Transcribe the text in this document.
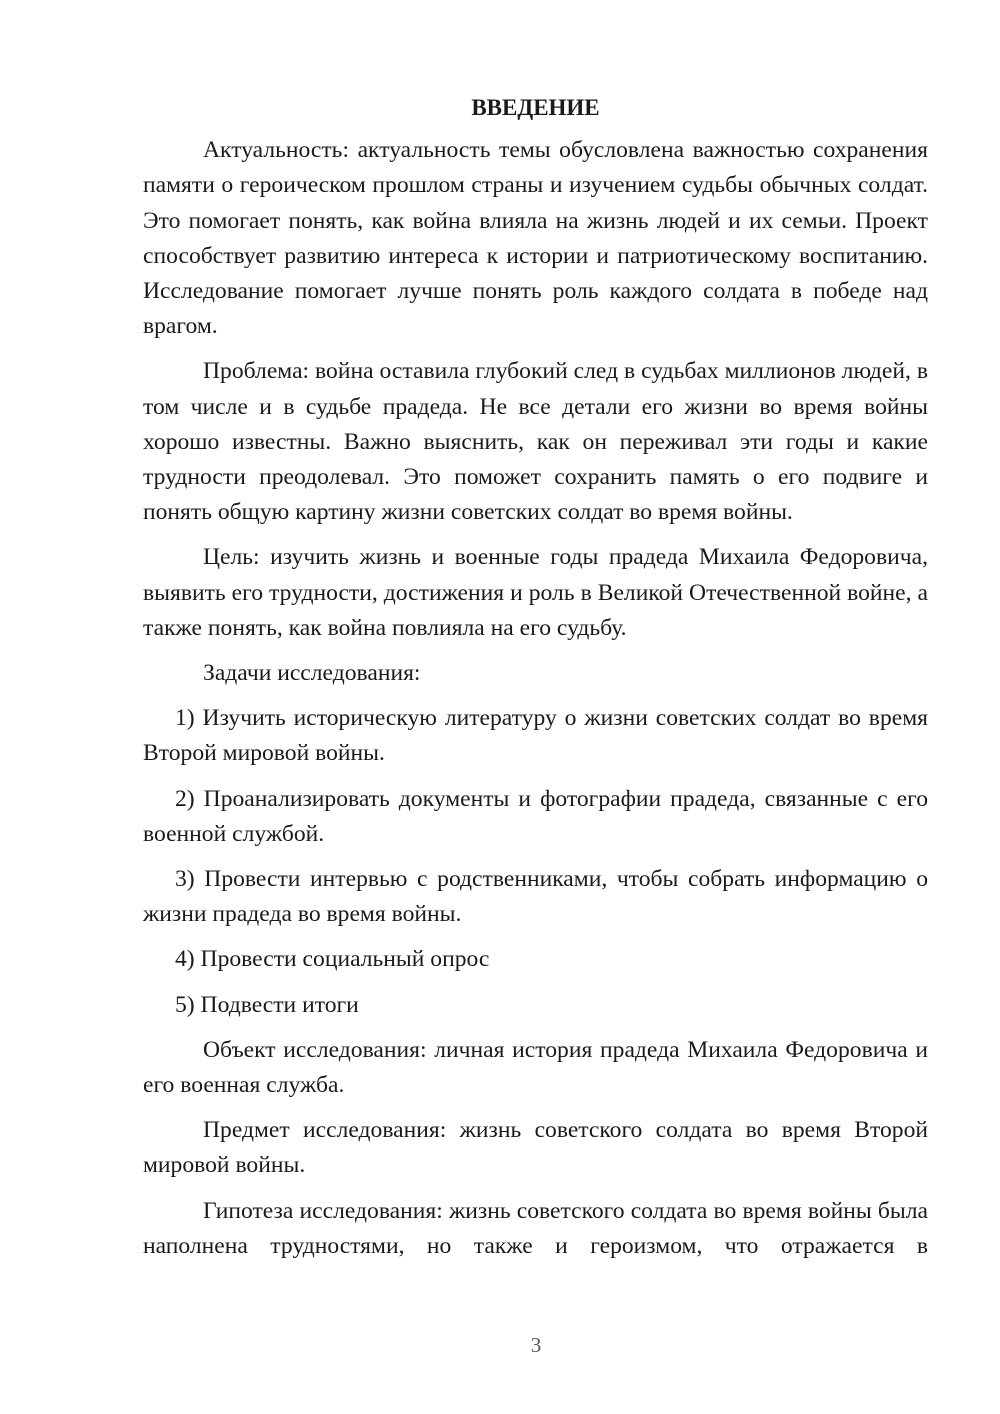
ВВЕДЕНИЕ
Актуальность: актуальность темы обусловлена важностью сохранения памяти о героическом прошлом страны и изучением судьбы обычных солдат. Это помогает понять, как война влияла на жизнь людей и их семьи. Проект способствует развитию интереса к истории и патриотическому воспитанию. Исследование помогает лучше понять роль каждого солдата в победе над врагом.
Проблема: война оставила глубокий след в судьбах миллионов людей, в том числе и в судьбе прадеда. Не все детали его жизни во время войны хорошо известны. Важно выяснить, как он переживал эти годы и какие трудности преодолевал. Это поможет сохранить память о его подвиге и понять общую картину жизни советских солдат во время войны.
Цель: изучить жизнь и военные годы прадеда Михаила Федоровича, выявить его трудности, достижения и роль в Великой Отечественной войне, а также понять, как война повлияла на его судьбу.
Задачи исследования:
1) Изучить историческую литературу о жизни советских солдат во время Второй мировой войны.
2) Проанализировать документы и фотографии прадеда, связанные с его военной службой.
3) Провести интервью с родственниками, чтобы собрать информацию о жизни прадеда во время войны.
4) Провести социальный опрос
5) Подвести итоги
Объект исследования: личная история прадеда Михаила Федоровича и его военная служба.
Предмет исследования: жизнь советского солдата во время Второй мировой войны.
Гипотеза исследования: жизнь советского солдата во время войны была наполнена трудностями, но также и героизмом, что отражается в
3
